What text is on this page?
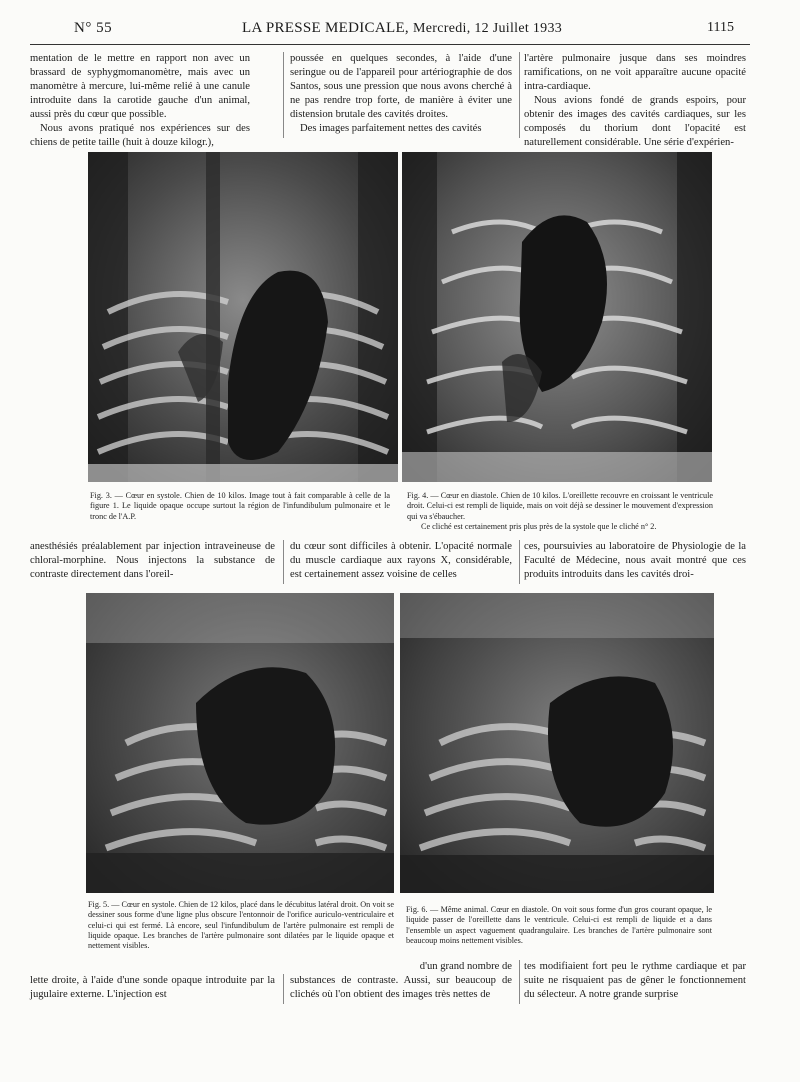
N° 55	LA PRESSE MEDICALE, Mercredi, 12 Juillet 1933	1115

mentation de le mettre en rapport non avec un brassard de syphygmomanomètre, mais avec un manomètre à mercure, lui-même relié à une canule introduite dans la carotide gauche d'un animal, aussi près du cœur que possible.

Nous avons pratiqué nos expériences sur des chiens de petite taille (huit à douze kilogr.),

poussée en quelques secondes, à l'aide d'une seringue ou de l'appareil pour artériographie de dos Santos, sous une pression que nous avons cherché à ne pas rendre trop forte, de manière à éviter une distension brutale des cavités droites.

Des images parfaitement nettes des cavités

l'artère pulmonaire jusque dans ses moindres ramifications, on ne voit apparaître aucune opacité intra-cardiaque.

Nous avions fondé de grands espoirs, pour obtenir des images des cavités cardiaques, sur les composés du thorium dont l'opacité est naturellement considérable. Une série d'expérien-

Fig. 3. — Cœur en systole. Chien de 10 kilos. Image tout à fait comparable à celle de la figure 1. Le liquide opaque occupe surtout la région de l'infundibulum pulmonaire et le tronc de l'A.P.
Fig. 4. — Cœur en diastole. Chien de 10 kilos. L'oreillette recouvre en croissant le ventricule droit. Celui-ci est rempli de liquide, mais on voit déjà se dessiner le mouvement d'expression qui va s'ébaucher.
Ce cliché est certainement pris plus près de la systole que le cliché n° 2.

anesthésiés préalablement par injection intraveineuse de chloral-morphine. Nous injectons la substance de contraste directement dans l'oreil-

du cœur sont difficiles à obtenir. L'opacité normale du muscle cardiaque aux rayons X, considérable, est certainement assez voisine de celles

ces, poursuivies au laboratoire de Physiologie de la Faculté de Médecine, nous avait montré que ces produits introduits dans les cavités droi-

Fig. 5. — Cœur en systole. Chien de 12 kilos, placé dans le décubitus latéral droit. On voit se dessiner sous forme d'une ligne plus obscure l'entonnoir de l'orifice auriculo-ventriculaire et celui-ci qui est fermé. Là encore, seul l'infundibulum de l'artère pulmonaire est rempli de liquide opaque. Les branches de l'artère pulmonaire sont dilatées par le liquide opaque et nettement visibles.
Fig. 6. — Même animal. Cœur en diastole. On voit sous forme d'un gros courant opaque, le liquide passer de l'oreillette dans le ventricule. Celui-ci est rempli de liquide et a dans l'ensemble un aspect vaguement quadrangulaire. Les branches de l'artère pulmonaire sont beaucoup moins nettement visibles.

d'un grand nombre de

lette droite, à l'aide d'une sonde opaque introduite par la jugulaire externe. L'injection est

substances de contraste. Aussi, sur beaucoup de clichés où l'on obtient des images très nettes de

tes modifiaient fort peu le rythme cardiaque et par suite ne risquaient pas de gêner le fonctionnement du sélecteur. A notre grande surprise
